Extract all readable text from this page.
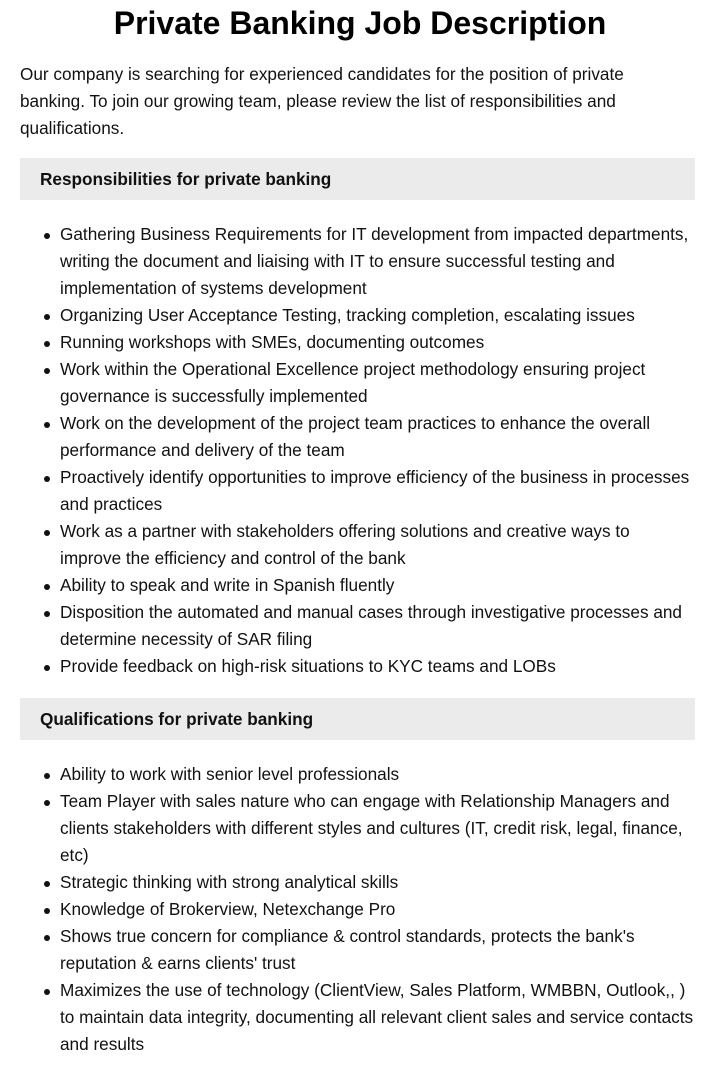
Private Banking Job Description

Our company is searching for experienced candidates for the position of private banking. To join our growing team, please review the list of responsibilities and qualifications.

Responsibilities for private banking
Gathering Business Requirements for IT development from impacted departments, writing the document and liaising with IT to ensure successful testing and implementation of systems development
Organizing User Acceptance Testing, tracking completion, escalating issues
Running workshops with SMEs, documenting outcomes
Work within the Operational Excellence project methodology ensuring project governance is successfully implemented
Work on the development of the project team practices to enhance the overall performance and delivery of the team
Proactively identify opportunities to improve efficiency of the business in processes and practices
Work as a partner with stakeholders offering solutions and creative ways to improve the efficiency and control of the bank
Ability to speak and write in Spanish fluently
Disposition the automated and manual cases through investigative processes and determine necessity of SAR filing
Provide feedback on high-risk situations to KYC teams and LOBs
Qualifications for private banking
Ability to work with senior level professionals
Team Player with sales nature who can engage with Relationship Managers and clients stakeholders with different styles and cultures (IT, credit risk, legal, finance, etc)
Strategic thinking with strong analytical skills
Knowledge of Brokerview, Netexchange Pro
Shows true concern for compliance & control standards, protects the bank's reputation & earns clients' trust
Maximizes the use of technology (ClientView, Sales Platform, WMBBN, Outlook,, ) to maintain data integrity, documenting all relevant client sales and service contacts and results
